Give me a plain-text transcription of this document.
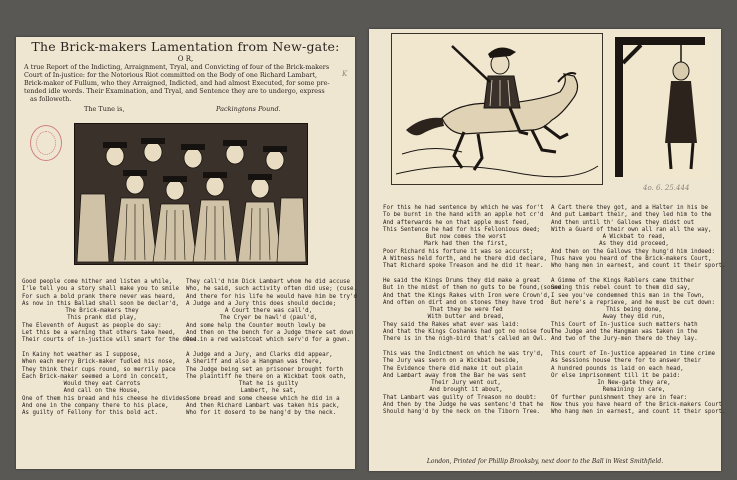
The Brick-makers Lamentation from New-gate:
O R,
A true Report of the Indicting, Arraignment, Tryal, and Convicting of four of the Brick-makers
Court of In-justice: for the Notorious Riot committed on the Body of one Richard Lambart,
Brick-maker of Fullum, who they Arraigned, Indicted, and had almost Executed, for some pre-
tended idle words. Their Examination, and Tryal, and Sentence they are to undergo, express
as followeth.
The Tune is,	Packingtons Pound.
K
Good people come hither and listen a while,
I'le tell you a story shall make you to smile
For such a bold prank there never was heard,
As now in this Ballad shall soon be declar'd,
The Brick-makers they
This prank did play,
The Eleventh of August as people do say:
Let this be a warning that others take heed,
Their courts of in-justice will smart for the deed.

In Kainy hot weather as I suppose,
When each merry Brick-maker fudled his nose,
They think their cups round, so merrily pace
Each Brick-maker seemed a Lord in conceit,
Would they eat Carrots
And call on the House,
One of them his bread and his cheese he divides
And one in the company there to his place,
As guilty of Fellony for this bold act.
They call'd him Dick Lambart whom he did accuse
Who, he said, such activity often did use; (cuse.
And there for his life he would have him be try'd
A Judge and a Jury this does should decide;
A Court there was call'd,
The Cryer be hawl'd (paul'd,
And some help the Counter mouth lowly be
And then on the bench for a Judge there set down
One in a red waistcoat which serv'd for a gown.

A Judge and a Jury, and Clarks did appear,
A Sheriff and also a Hangman was there,
The Judge being set an prisoner brought forth
The plaintiff he there on a Wickbat took oath,
That he is guilty
Lambert, he sat,
Some bread and some cheese which he did in a
And then Richard Lambart was taken his pack,
Who for it doserd to be hang'd by the neck.
4o. 6. 25.444
For this he had sentence by which he was for't
To be burnt in the hand with an apple hot cr'd
And afterwards he on that apple must feed,
This Sentence he had for his Fellonious deed;
But now comes the worst
Mark had then the first,
Poor Richard his fortune it was so accurst;
A Witness held forth, and he there did declare,
That Richard spoke Treason and he did it hear.

He said the Kings Drums they did make a great
But in the midst of them no guts to be found,(sound
And that the Kings Rakes with Iron were Crown'd,
And often on dirt and on stones they have trod
That they be were fed
With butter and bread,
They said the Rakes what ever was laid:
And that the Kings Coshanks had got no noise foul
There is in the nigh-bird that's called an Owl.

This was the Indictment on which he was try'd,
The Jury was sworn on a Wickbat beside,
The Evidence there did make it out plain
And Lambart away from the Bar he was sent
Their Jury went out,
And brought it about,
That Lambart was guilty of Treason no doubt:
And then by the Judge he was sentenc'd that he
Should hang'd by the neck on the Tiborn Tree.
A Cart there they got, and a Halter in his be
And put Lambart their, and they led him to the
And then until th' Gallows they didst out
With a Guard of their own all ran all the way,
A Wickbat to read,
As they did proceed,
And then on the Gallows they hung'd him indeed:
Thus have you heard of the Brick-makers Court,
Who hang men in earnest, and count it their sport.

A Gimme of the Kings Rablers came thither
Seeing this rebel count to them did say,
I see you've condemned this man in the Town,
But here's a reprieve, and he must be cut down:
This being done,
Away they did run,
This Court of In-justice such matters hath
The Judge and the Hangman was taken in the
And two of the Jury-men there do they lay.

This court of In-justice appeared in time crime
As Sessions house there for to answer their
A hundred pounds is laid on each head,
Or else imprisonment till it be paid:
In New-gate they are,
Remaining in care,
Of further punishment they are in fear:
Now thus you have heard of the Brick-makers Court
Who hang men in earnest, and count it their sport.
London, Printed for Phillip Brooksby, next door to the Ball in West Smithfield.
